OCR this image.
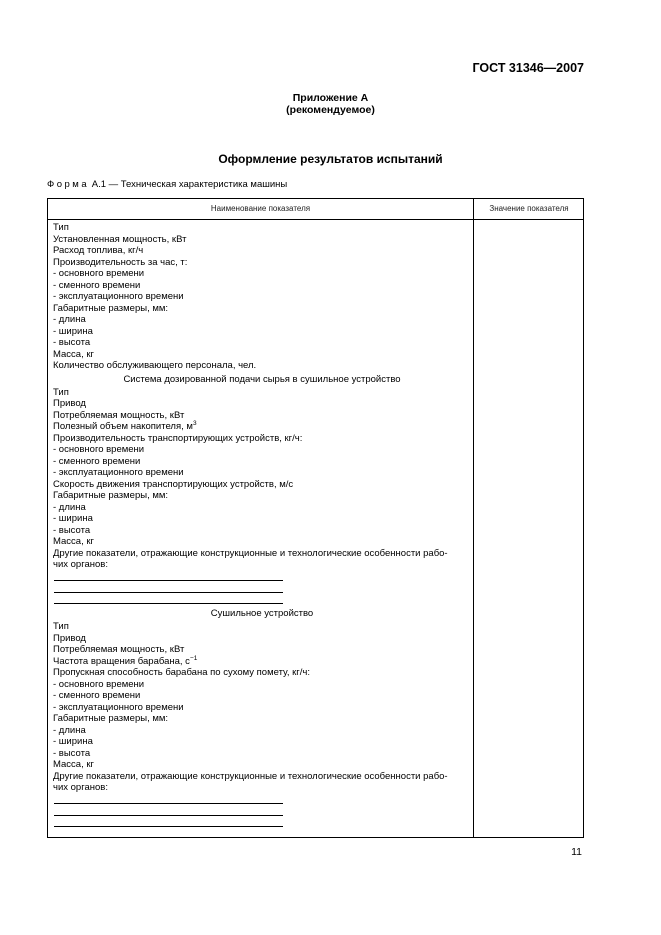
ГОСТ 31346—2007
Приложение А
(рекомендуемое)
Оформление результатов испытаний
Форма А.1 — Техническая характеристика машины
Наименование показателя	Значение показателя
Тип
Установленная мощность, кВт
Расход топлива, кг/ч
Производительность за час, т:
- основного времени
- сменного времени
- эксплуатационного времени
Габаритные размеры, мм:
- длина
- ширина
- высота
Масса, кг
Количество обслуживающего персонала, чел.
Система дозированной подачи сырья в сушильное устройство
Тип
Привод
Потребляемая мощность, кВт
Полезный объем накопителя, $м^3$
Производительность транспортирующих устройств, кг/ч:
- основного времени
- сменного времени
- эксплуатационного времени
Скорость движения транспортирующих устройств, м/с
Габаритные размеры, мм:
- длина
- ширина
- высота
Масса, кг
Другие показатели, отражающие конструкционные и технологические особенности рабо-
чих органов:
Сушильное устройство
Тип
Привод
Потребляемая мощность, кВт
Частота вращения барабана, $с^{-1}$
Пропускная способность барабана по сухому помету, кг/ч:
- основного времени
- сменного времени
- эксплуатационного времени
Габаритные размеры, мм:
- длина
- ширина
- высота
Масса, кг
Другие показатели, отражающие конструкционные и технологические особенности рабо-
чих органов:
11
